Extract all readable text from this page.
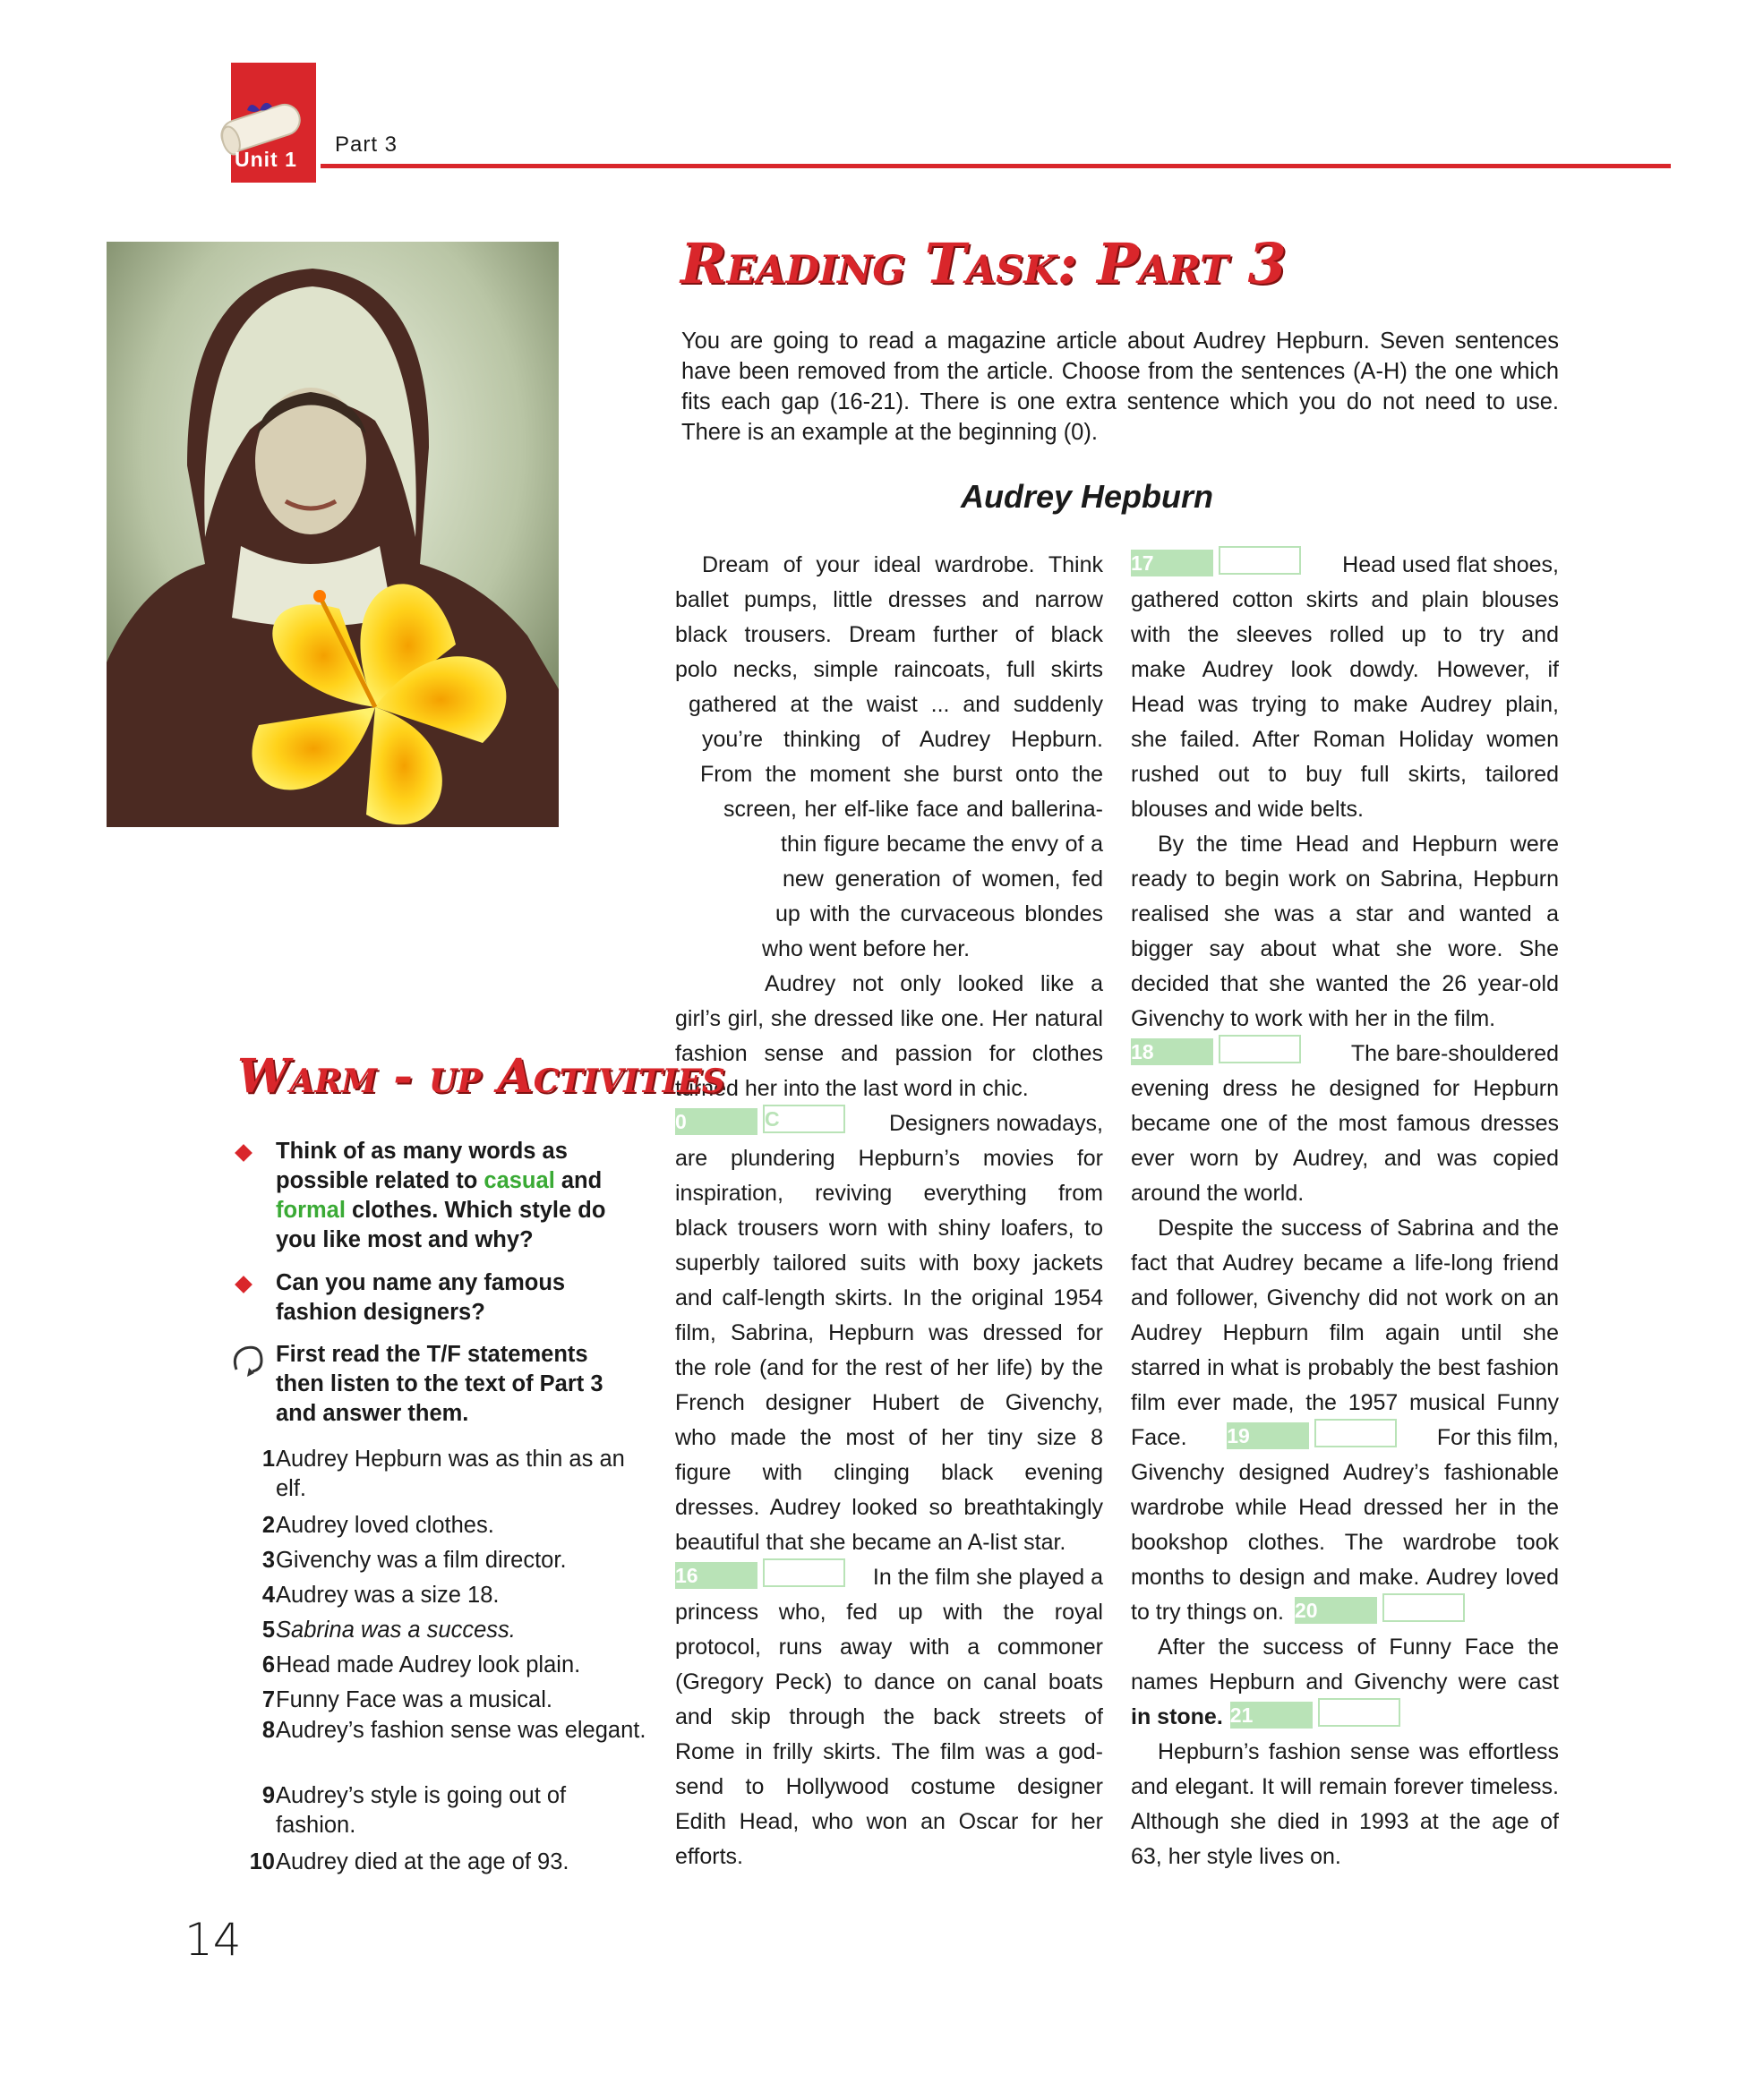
Unit 1
Part 3
Reading Task: Part 3
You are going to read a magazine article about Audrey Hepburn. Seven sentences have been removed from the article. Choose from the sentences (A-H) the one which fits each gap (16-21). There is one extra sentence which you do not need to use. There is an example at the beginning (0).
Audrey Hepburn
Dream of your ideal wardrobe. Think
ballet pumps, little dresses and narrow
black trousers. Dream further of black
polo necks, simple raincoats, full skirts
gathered at the waist ... and suddenly
you’re thinking of Audrey Hepburn.
From the moment she burst onto the
screen, her elf-like face and ballerina-
thin figure became the envy of a
new generation of women, fed
up with the curvaceous blondes
who went before her.
Audrey not only looked like a
girl’s girl, she dressed like one. Her natural
fashion sense and passion for clothes
turned her into the last word in chic.
0	C	Designers nowadays,
are plundering Hepburn’s movies for
inspiration, reviving everything from
black trousers worn with shiny loafers, to
superbly tailored suits with boxy jackets
and calf-length skirts. In the original 1954
film, Sabrina, Hepburn was dressed for
the role (and for the rest of her life) by the
French designer Hubert de Givenchy,
who made the most of her tiny size 8
figure with clinging black evening
dresses. Audrey looked so breathtakingly
beautiful that she became an A-list star.
16	In the film she played a
princess who, fed up with the royal
protocol, runs away with a commoner
(Gregory Peck) to dance on canal boats
and skip through the back streets of
Rome in frilly skirts. The film was a god-
send to Hollywood costume designer
Edith Head, who won an Oscar for her
efforts.
17	Head used flat shoes,
gathered cotton skirts and plain blouses
with the sleeves rolled up to try and
make Audrey look dowdy. However, if
Head was trying to make Audrey plain,
she failed. After Roman Holiday women
rushed out to buy full skirts, tailored
blouses and wide belts.
By the time Head and Hepburn were
ready to begin work on Sabrina, Hepburn
realised she was a star and wanted a
bigger say about what she wore. She
decided that she wanted the 26 year-old
Givenchy to work with her in the film.
18	The bare-shouldered
evening dress he designed for Hepburn
became one of the most famous dresses
ever worn by Audrey, and was copied
around the world.
Despite the success of Sabrina and the
fact that Audrey became a life-long friend
and follower, Givenchy did not work on an
Audrey Hepburn film again until she
starred in what is probably the best fashion
film ever made, the 1957 musical Funny
Face. 19	For this film,
Givenchy designed Audrey’s fashionable
wardrobe while Head dressed her in the
bookshop clothes. The wardrobe took
months to design and make. Audrey loved
to try things on. 20
After the success of Funny Face the
names Hepburn and Givenchy were cast
in stone. 21
Hepburn’s fashion sense was effortless
and elegant. It will remain forever timeless.
Although she died in 1993 at the age of
63, her style lives on.
Warm - up Activities
Think of as many words as possible related to casual and formal clothes. Which style do you like most and why?
Can you name any famous fashion designers?
First read the T/F statements then listen to the text of Part 3 and answer them.
1 Audrey Hepburn was as thin as an elf.
2 Audrey loved clothes.
3 Givenchy was a film director.
4 Audrey was a size 18.
5 Sabrina was a success.
6 Head made Audrey look plain.
7 Funny Face was a musical.
8 Audrey’s fashion sense was elegant.
9 Audrey’s style is going out of fashion.
10 Audrey died at the age of 93.
14
